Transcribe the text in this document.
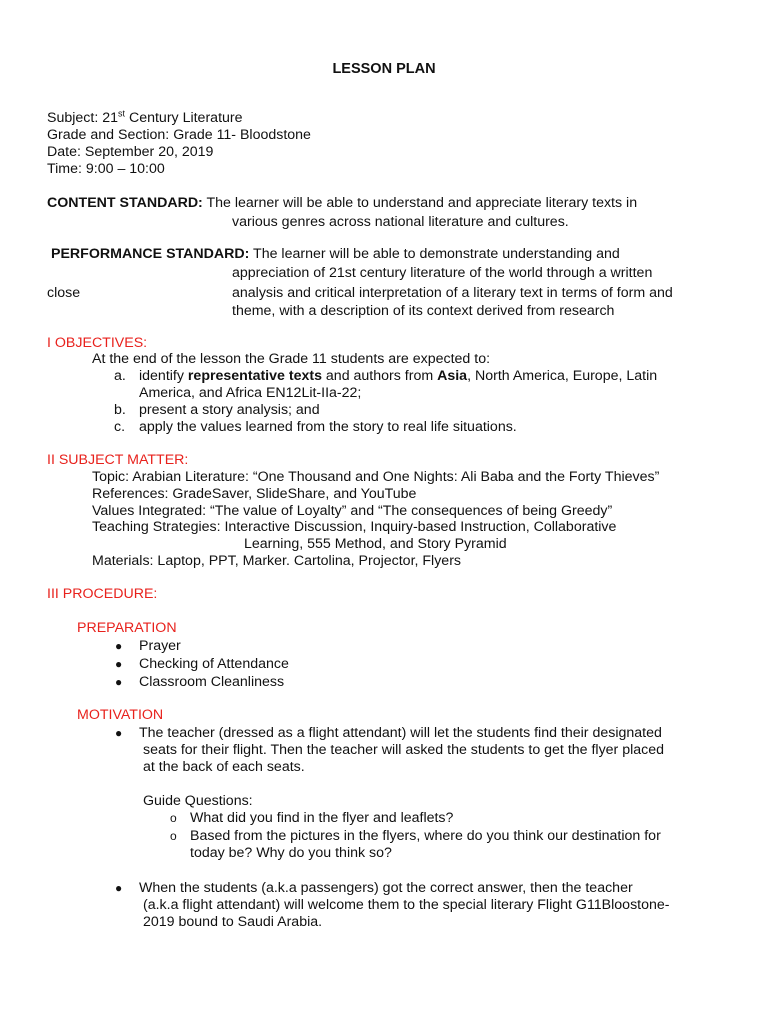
LESSON PLAN
Subject: 21st Century Literature
Grade and Section: Grade 11- Bloodstone
Date: September 20, 2019
Time: 9:00 – 10:00
CONTENT STANDARD: The learner will be able to understand and appreciate literary texts in
various genres across national literature and cultures.
PERFORMANCE STANDARD: The learner will be able to demonstrate understanding and
appreciation of 21st century literature of the world through a written
close	analysis and critical interpretation of a literary text in terms of form and
theme, with a description of its context derived from research
I OBJECTIVES:
At the end of the lesson the Grade 11 students are expected to:
a. identify representative texts and authors from Asia, North America, Europe, Latin
America, and Africa EN12Lit-IIa-22;
b. present a story analysis; and
c. apply the values learned from the story to real life situations.
II SUBJECT MATTER:
Topic: Arabian Literature: “One Thousand and One Nights: Ali Baba and the Forty Thieves”
References: GradeSaver, SlideShare, and YouTube
Values Integrated: “The value of Loyalty” and “The consequences of being Greedy”
Teaching Strategies: Interactive Discussion, Inquiry-based Instruction, Collaborative
Learning, 555 Method, and Story Pyramid
Materials: Laptop, PPT, Marker. Cartolina, Projector, Flyers
III PROCEDURE:
PREPARATION
● Prayer
● Checking of Attendance
● Classroom Cleanliness
MOTIVATION
● The teacher (dressed as a flight attendant) will let the students find their designated
seats for their flight. Then the teacher will asked the students to get the flyer placed
at the back of each seats.
Guide Questions:
o What did you find in the flyer and leaflets?
o Based from the pictures in the flyers, where do you think our destination for
today be? Why do you think so?
● When the students (a.k.a passengers) got the correct answer, then the teacher
(a.k.a flight attendant) will welcome them to the special literary Flight G11Bloostone-
2019 bound to Saudi Arabia.
